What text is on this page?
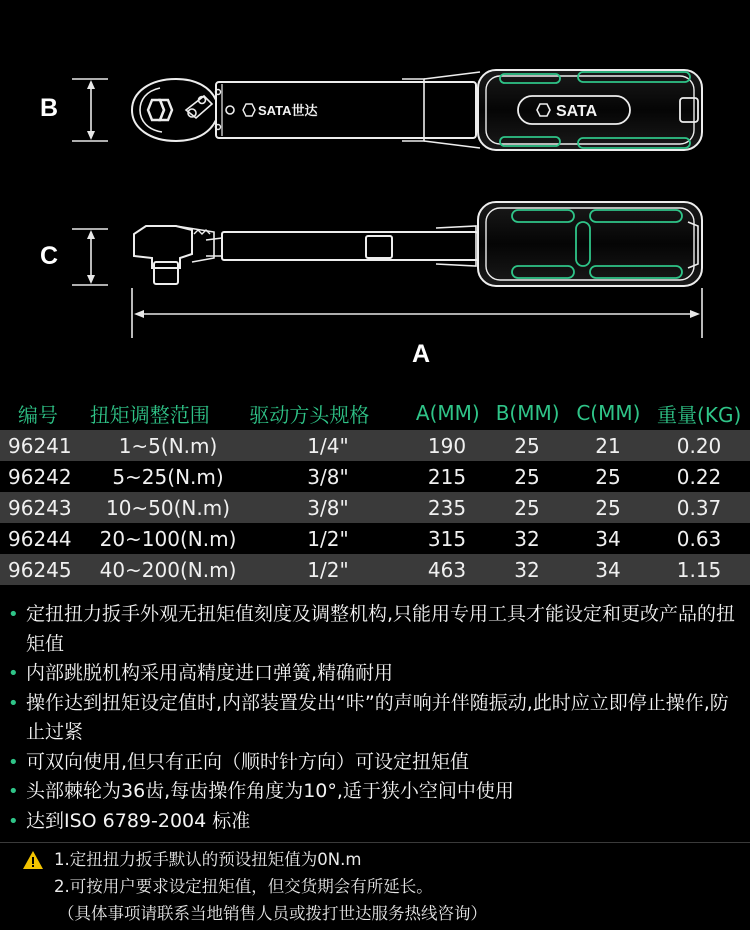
SATA世达	SATA
B
C
A
编号	扭矩调整范围	驱动方头规格	A(MM) B(MM) C(MM) 重量(KG)
96241	1~5(N.m)	1/4"	190	25	21	0.20
96242	5~25(N.m)	3/8"	215	25	25	0.22
96243	10~50(N.m)	3/8"	235	25	25	0.37
96244	20~100(N.m)	1/2"	315	32	34	0.63
96245	40~200(N.m)	1/2"	463	32	34	1.15
• 定扭扭力扳手外观无扭矩值刻度及调整机构,只能用专用工具才能设定和更改产品的扭矩值
• 内部跳脱机构采用高精度进口弹簧,精确耐用
• 操作达到扭矩设定值时,内部装置发出“咔”的声响并伴随振动,此时应立即停止操作,防止过紧
• 可双向使用,但只有正向（顺时针方向）可设定扭矩值
• 头部棘轮为36齿,每齿操作角度为10°,适于狭小空间中使用
• 达到ISO 6789-2004 标准
1.定扭扭力扳手默认的预设扭矩值为0N.m
2.可按用户要求设定扭矩值，但交货期会有所延长。
（具体事项请联系当地销售人员或拨打世达服务热线咨询）
